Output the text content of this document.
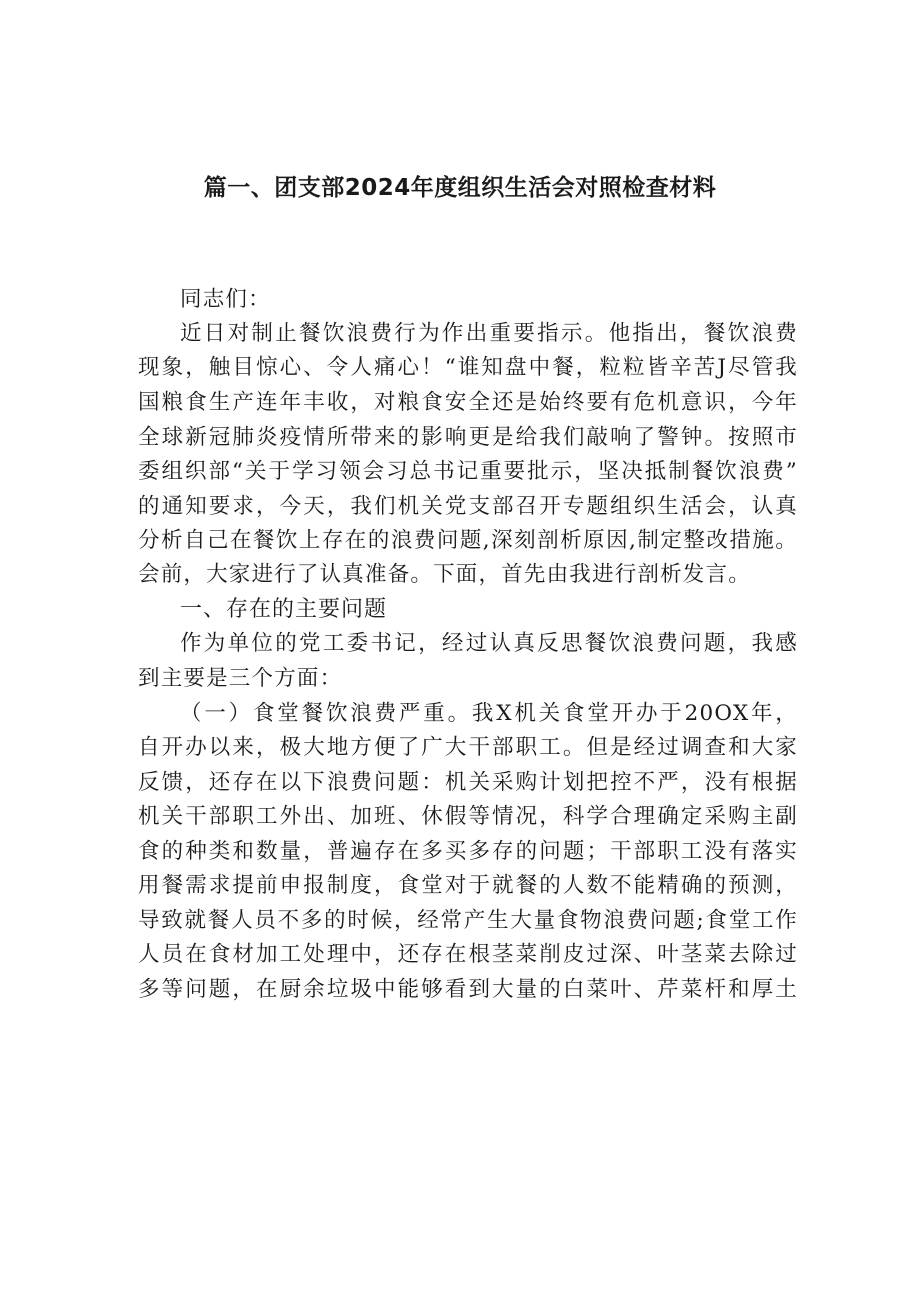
篇一、团支部2024年度组织生活会对照检查材料
同志们：
近日对制止餐饮浪费行为作出重要指示。他指出，餐饮浪费
现象，触目惊心、令人痛心！“谁知盘中餐，粒粒皆辛苦J尽管我
国粮食生产连年丰收，对粮食安全还是始终要有危机意识，今年
全球新冠肺炎疫情所带来的影响更是给我们敲响了警钟。按照市
委组织部“关于学习领会习总书记重要批示，坚决抵制餐饮浪费”
的通知要求，今天，我们机关党支部召开专题组织生活会，认真
分析自己在餐饮上存在的浪费问题,深刻剖析原因,制定整改措施。
会前，大家进行了认真准备。下面，首先由我进行剖析发言。
一、存在的主要问题
作为单位的党工委书记，经过认真反思餐饮浪费问题，我感
到主要是三个方面：
（一）食堂餐饮浪费严重。我X机关食堂开办于20OX年，
自开办以来，极大地方便了广大干部职工。但是经过调查和大家
反馈，还存在以下浪费问题：机关采购计划把控不严，没有根据
机关干部职工外出、加班、休假等情况，科学合理确定采购主副
食的种类和数量，普遍存在多买多存的问题；干部职工没有落实
用餐需求提前申报制度，食堂对于就餐的人数不能精确的预测，
导致就餐人员不多的时候，经常产生大量食物浪费问题;食堂工作
人员在食材加工处理中，还存在根茎菜削皮过深、叶茎菜去除过
多等问题，在厨余垃圾中能够看到大量的白菜叶、芹菜杆和厚土
